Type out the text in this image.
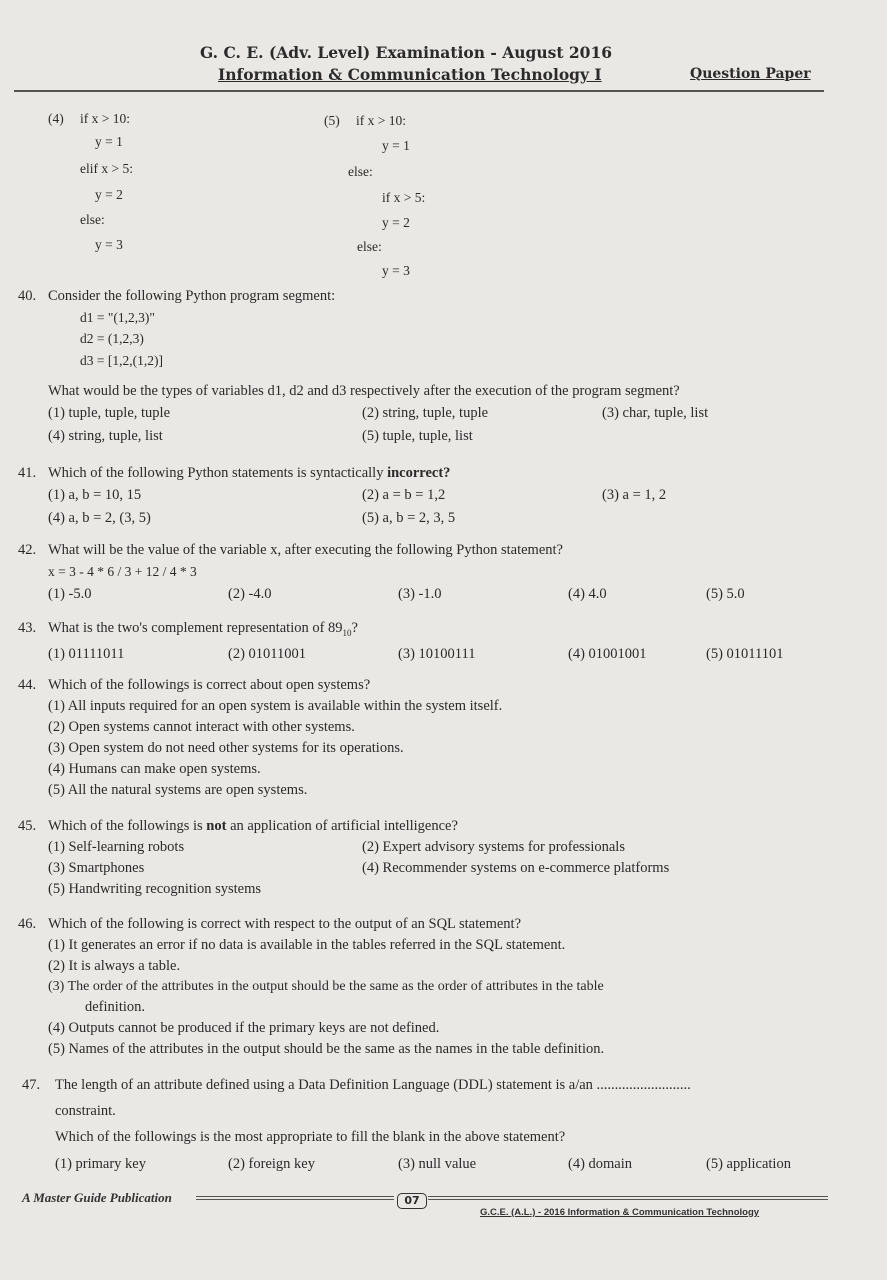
G. C. E. (Adv. Level) Examination - August 2016
Information & Communication Technology I	Question Paper
(4) if x > 10:
y = 1
elif x > 5:
y = 2
else:
y = 3
(5) if x > 10:
y = 1
else:
if x > 5:
y = 2
else:
y = 3
40. Consider the following Python program segment:
d1 = "(1,2,3)"
d2 = (1,2,3)
d3 = [1,2,(1,2)]
What would be the types of variables d1, d2 and d3 respectively after the execution of the program segment?
(1) tuple, tuple, tuple	(2) string, tuple, tuple	(3) char, tuple, list
(4) string, tuple, list	(5) tuple, tuple, list
41. Which of the following Python statements is syntactically incorrect?
(1) a, b = 10, 15	(2) a = b = 1,2	(3) a = 1, 2
(4) a, b = 2, (3, 5)	(5) a, b = 2, 3, 5
42. What will be the value of the variable x, after executing the following Python statement?
x = 3 - 4 * 6 / 3 + 12 / 4 * 3
(1) -5.0	(2) -4.0	(3) -1.0	(4) 4.0	(5) 5.0
43. What is the two's complement representation of $89_{10}$?
(1) 01111011	(2) 01011001	(3) 10100111	(4) 01001001	(5) 01011101
44. Which of the followings is correct about open systems?
(1) All inputs required for an open system is available within the system itself.
(2) Open systems cannot interact with other systems.
(3) Open system do not need other systems for its operations.
(4) Humans can make open systems.
(5) All the natural systems are open systems.
45. Which of the followings is not an application of artificial intelligence?
(1) Self-learning robots	(2) Expert advisory systems for professionals
(3) Smartphones	(4) Recommender systems on e-commerce platforms
(5) Handwriting recognition systems
46. Which of the following is correct with respect to the output of an SQL statement?
(1) It generates an error if no data is available in the tables referred in the SQL statement.
(2) It is always a table.
(3) The order of the attributes in the output should be the same as the order of attributes in the table
definition.
(4) Outputs cannot be produced if the primary keys are not defined.
(5) Names of the attributes in the output should be the same as the names in the table definition.
47. The length of an attribute defined using a Data Definition Language (DDL) statement is a/an ..........................
constraint.
Which of the followings is the most appropriate to fill the blank in the above statement?
(1) primary key	(2) foreign key	(3) null value	(4) domain	(5) application
A Master Guide Publication	07
G.C.E. (A.L.) - 2016 Information & Communication Technology
